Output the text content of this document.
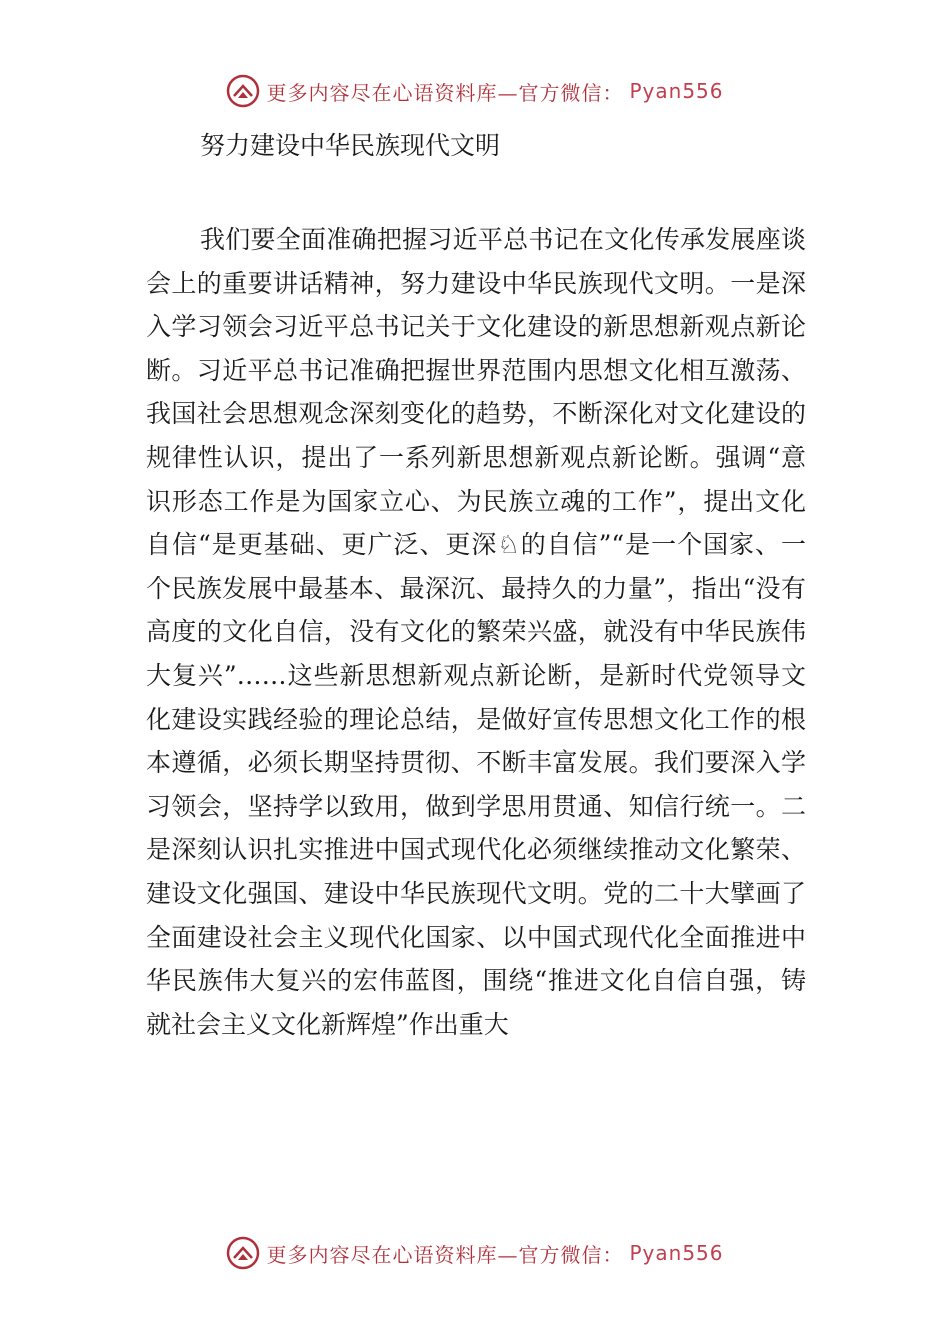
更多内容尽在心语资料库—官方微信： Pyan556
努力建设中华民族现代文明

我们要全面准确把握习近平总书记在文化传承发展座谈会上的重要讲话精神，努力建设中华民族现代文明。一是深入学习领会习近平总书记关于文化建设的新思想新观点新论断。习近平总书记准确把握世界范围内思想文化相互激荡、我国社会思想观念深刻变化的趋势，不断深化对文化建设的规律性认识，提出了一系列新思想新观点新论断。强调“意识形态工作是为国家立心、为民族立魂的工作”，提出文化自信“是更基础、更广泛、更深♘的自信”“是一个国家、一个民族发展中最基本、最深沉、最持久的力量”，指出“没有高度的文化自信，没有文化的繁荣兴盛，就没有中华民族伟大复兴”……这些新思想新观点新论断，是新时代党领导文化建设实践经验的理论总结，是做好宣传思想文化工作的根本遵循，必须长期坚持贯彻、不断丰富发展。我们要深入学习领会，坚持学以致用，做到学思用贯通、知信行统一。二是深刻认识扎实推进中国式现代化必须继续推动文化繁荣、建设文化强国、建设中华民族现代文明。党的二十大擘画了全面建设社会主义现代化国家、以中国式现代化全面推进中华民族伟大复兴的宏伟蓝图，围绕“推进文化自信自强，铸就社会主义文化新辉煌”作出重大

更多内容尽在心语资料库—官方微信： Pyan556
